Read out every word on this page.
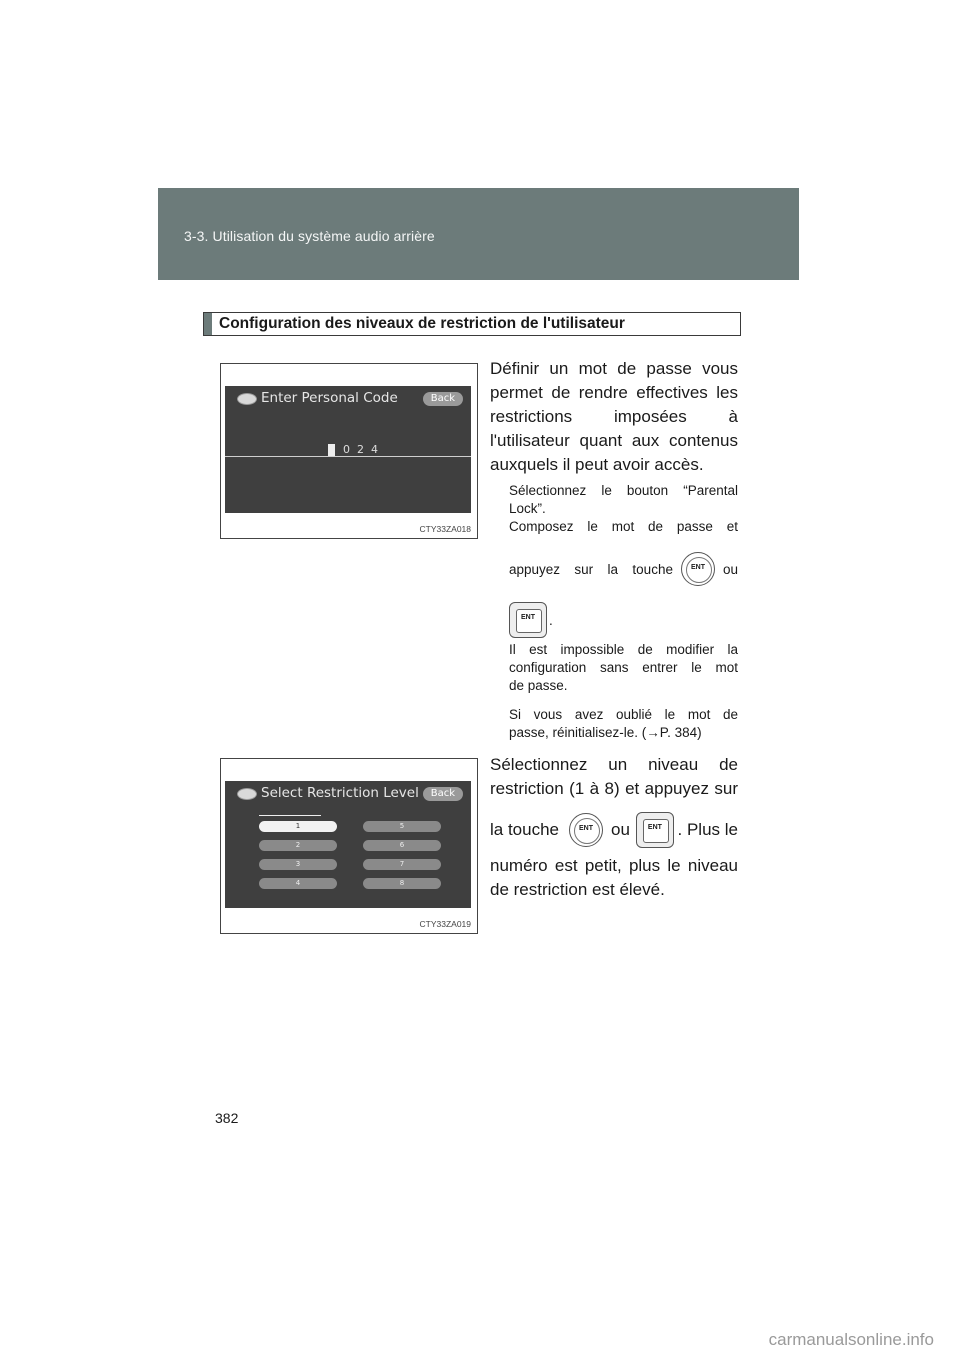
3-3. Utilisation du système audio arrière
Configuration des niveaux de restriction de l'utilisateur
Enter Personal Code	Back
0  2  4
CTY33ZA018
Définir un mot de passe vous
permet de rendre effectives les
restrictions imposées à
l'utilisateur quant aux contenus
auxquels il peut avoir accès.
Sélectionnez le bouton “Parental
Lock”.
Composez le mot de passe et
appuyez sur la touche	ENT	ou
ENT	.
Il est impossible de modifier la
configuration sans entrer le mot
de passe.
Si vous avez oublié le mot de
passe, réinitialisez-le. (→P. 384)
Select Restriction Level	Back
1
2
3
4
5
6
7
8
CTY33ZA019
Sélectionnez un niveau de
restriction (1 à 8) et appuyez sur
la touche	ENT	ou	ENT . Plus le
numéro est petit, plus le niveau
de restriction est élevé.
382
carmanualsonline.info
